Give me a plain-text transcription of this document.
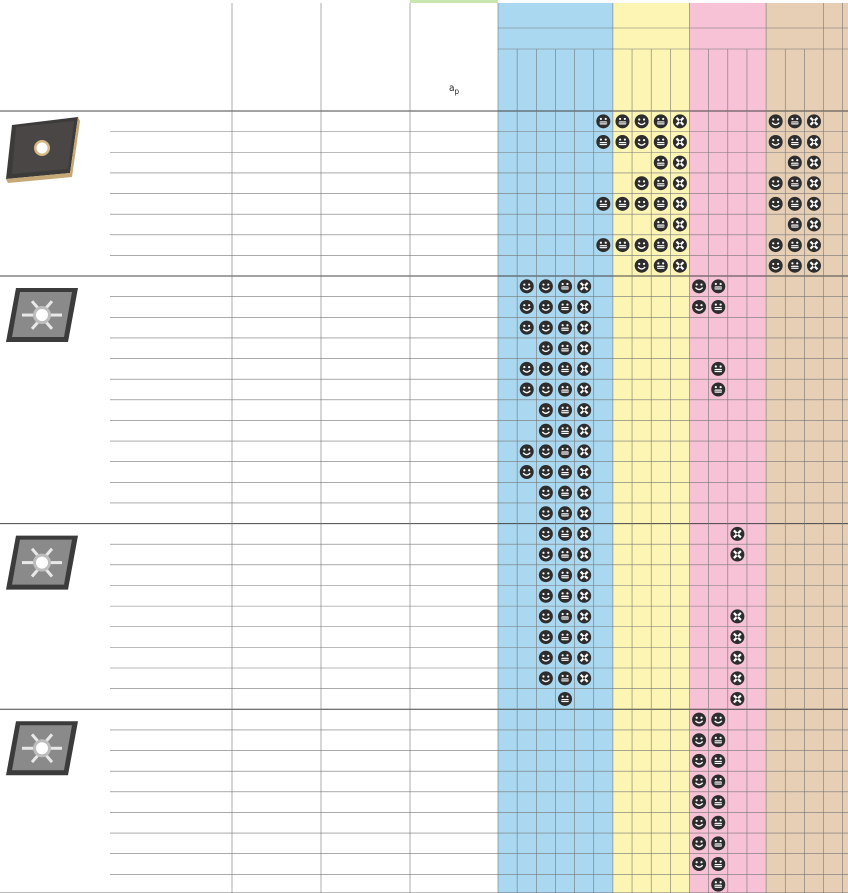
$a_p$
